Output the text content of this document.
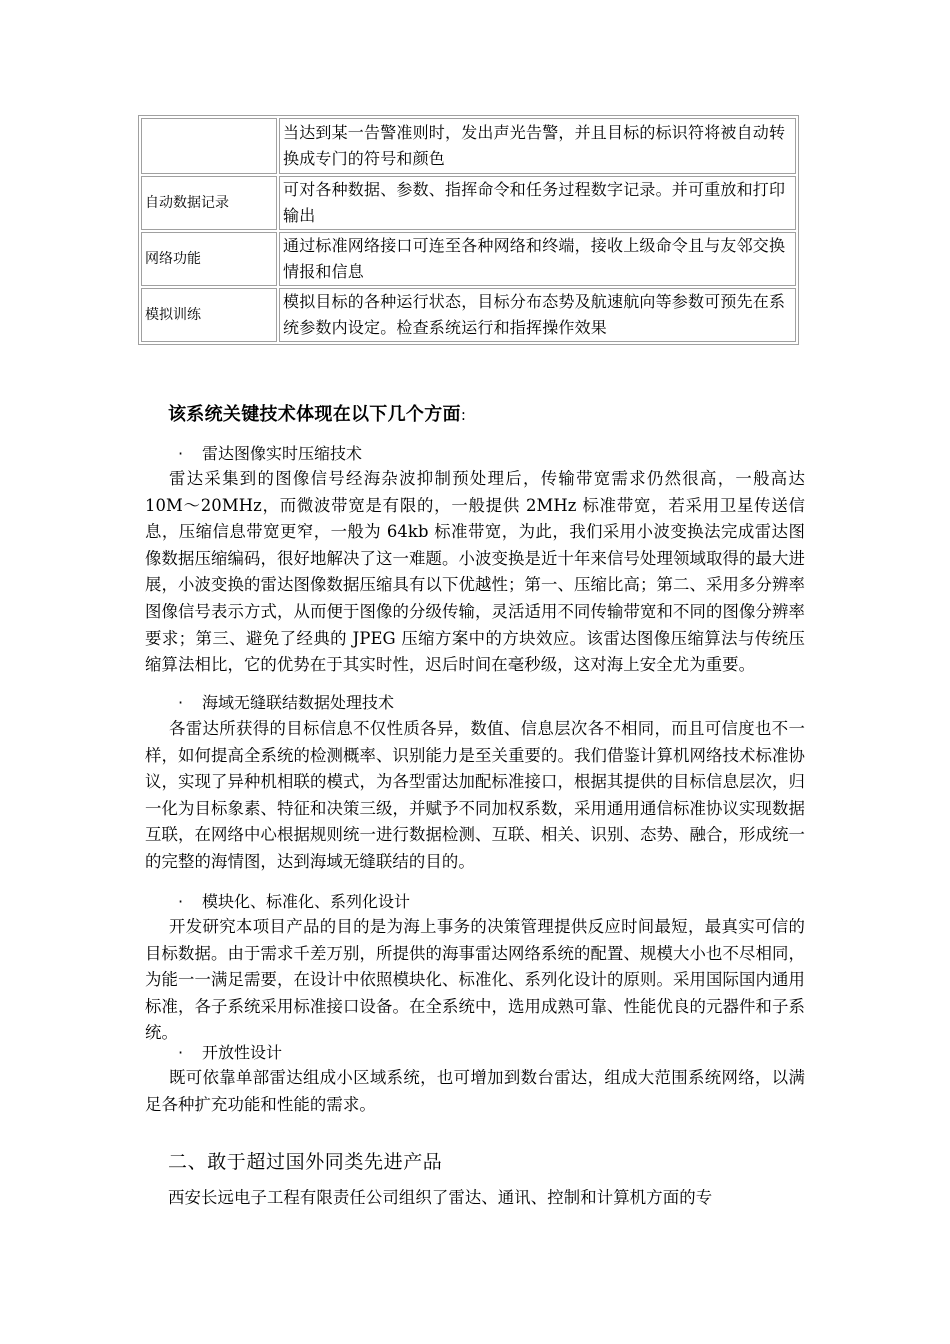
	当达到某一告警准则时，发出声光告警，并且目标的标识符将被自动转换成专门的符号和颜色
自动数据记录	可对各种数据、参数、指挥命令和任务过程数字记录。并可重放和打印输出
网络功能	通过标准网络接口可连至各种网络和终端，接收上级命令且与友邻交换情报和信息
模拟训练	模拟目标的各种运行状态，目标分布态势及航速航向等参数可预先在系统参数内设定。检查系统运行和指挥操作效果
该系统关键技术体现在以下几个方面:
· 雷达图像实时压缩技术
雷达采集到的图像信号经海杂波抑制预处理后，传输带宽需求仍然很高，一般高达 10M～20MHz，而微波带宽是有限的，一般提供 2MHz 标准带宽，若采用卫星传送信息，压缩信息带宽更窄，一般为 64kb 标准带宽，为此，我们采用小波变换法完成雷达图像数据压缩编码，很好地解决了这一难题。小波变换是近十年来信号处理领域取得的最大进展，小波变换的雷达图像数据压缩具有以下优越性；第一、压缩比高；第二、采用多分辨率图像信号表示方式，从而便于图像的分级传输，灵活适用不同传输带宽和不同的图像分辨率要求；第三、避免了经典的 JPEG 压缩方案中的方块效应。该雷达图像压缩算法与传统压缩算法相比，它的优势在于其实时性，迟后时间在毫秒级，这对海上安全尤为重要。
· 海域无缝联结数据处理技术
各雷达所获得的目标信息不仅性质各异，数值、信息层次各不相同，而且可信度也不一样，如何提高全系统的检测概率、识别能力是至关重要的。我们借鉴计算机网络技术标准协议，实现了异种机相联的模式，为各型雷达加配标准接口，根据其提供的目标信息层次，归一化为目标象素、特征和决策三级，并赋予不同加权系数，采用通用通信标准协议实现数据互联，在网络中心根据规则统一进行数据检测、互联、相关、识别、态势、融合，形成统一的完整的海情图，达到海域无缝联结的目的。
· 模块化、标准化、系列化设计
开发研究本项目产品的目的是为海上事务的决策管理提供反应时间最短，最真实可信的目标数据。由于需求千差万别，所提供的海事雷达网络系统的配置、规模大小也不尽相同，为能一一满足需要，在设计中依照模块化、标准化、系列化设计的原则。采用国际国内通用标准，各子系统采用标准接口设备。在全系统中，选用成熟可靠、性能优良的元器件和子系统。
· 开放性设计
既可依靠单部雷达组成小区域系统，也可增加到数台雷达，组成大范围系统网络，以满足各种扩充功能和性能的需求。
二、敢于超过国外同类先进产品
西安长远电子工程有限责任公司组织了雷达、通讯、控制和计算机方面的专
